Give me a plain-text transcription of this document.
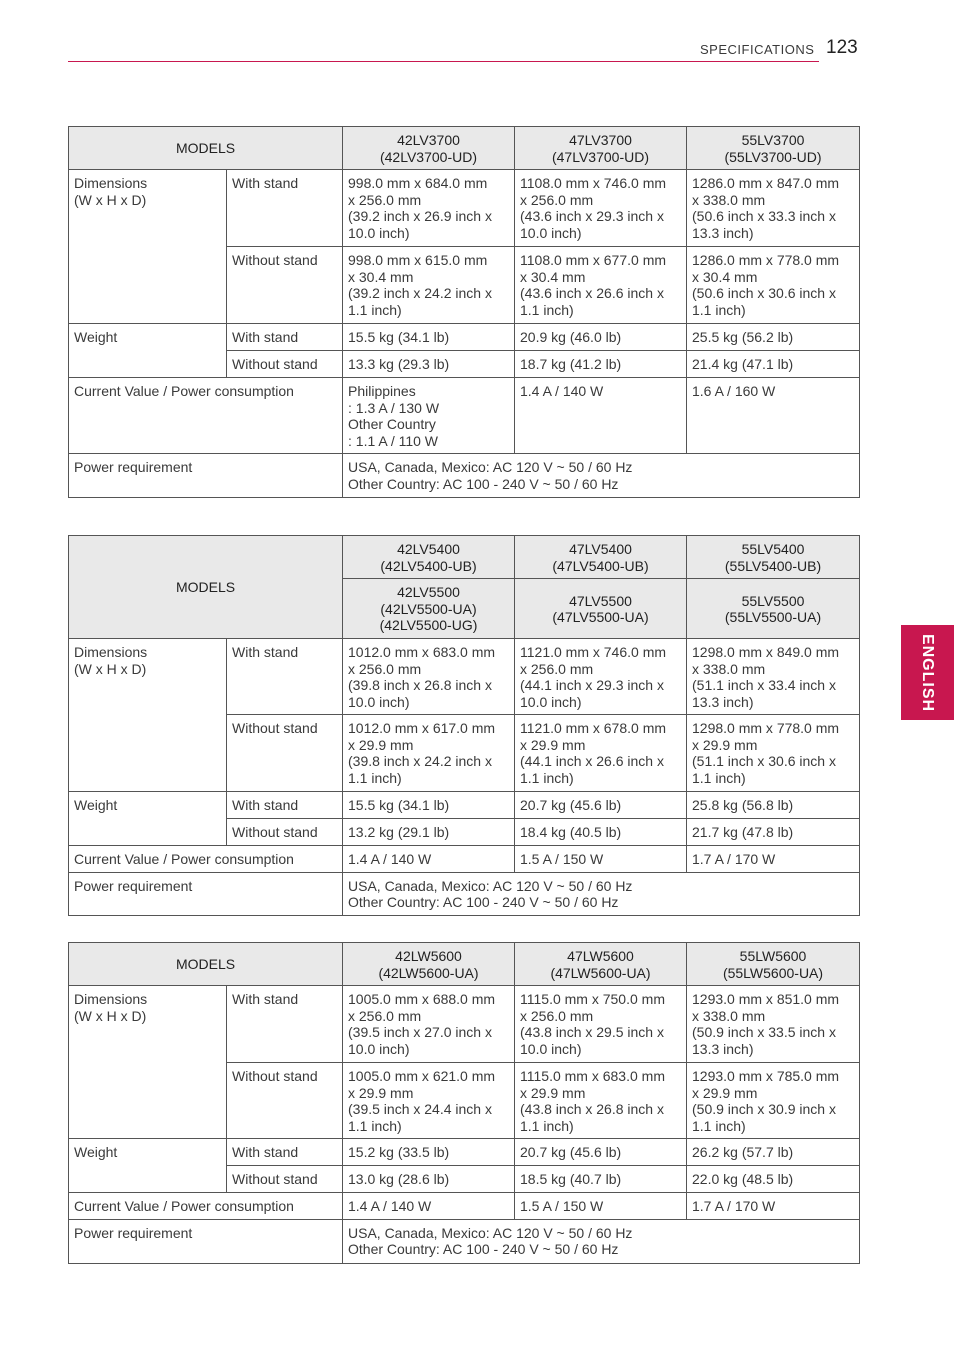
SPECIFICATIONS 123
ENGLISH
MODELS		42LV3700
(42LV3700-UD)	47LV3700
(47LV3700-UD)	55LV3700
(55LV3700-UD)
Dimensions
(W x H x D)	With stand	998.0 mm x 684.0 mm
x 256.0 mm
(39.2 inch x 26.9 inch x
10.0 inch)	1108.0 mm x 746.0 mm
x 256.0 mm
(43.6 inch x 29.3 inch x
10.0 inch)	1286.0 mm x 847.0 mm
x 338.0 mm
(50.6 inch x 33.3 inch x
13.3 inch)
	Without stand	998.0 mm x 615.0 mm
x 30.4 mm
(39.2 inch x 24.2 inch x
1.1 inch)	1108.0 mm x 677.0 mm
x 30.4 mm
(43.6 inch x 26.6 inch x
1.1 inch)	1286.0 mm x 778.0 mm
x 30.4 mm
(50.6 inch x 30.6 inch x
1.1 inch)
Weight	With stand	15.5 kg (34.1 lb)	20.9 kg (46.0 lb)	25.5 kg (56.2 lb)
	Without stand	13.3 kg (29.3 lb)	18.7 kg (41.2 lb)	21.4 kg (47.1 lb)
Current Value / Power consumption		Philippines
: 1.3 A / 130 W
Other Country
: 1.1 A / 110 W	1.4 A / 140 W	1.6 A / 160 W
Power requirement		USA, Canada, Mexico: AC 120 V ~ 50 / 60 Hz
Other Country: AC 100 - 240 V ~ 50 / 60 Hz		
MODELS		42LV5400
(42LV5400-UB)	47LV5400
(47LV5400-UB)	55LV5400
(55LV5400-UB)
		42LV5500
(42LV5500-UA)
(42LV5500-UG)	47LV5500
(47LV5500-UA)	55LV5500
(55LV5500-UA)
Dimensions
(W x H x D)	With stand	1012.0 mm x 683.0 mm
x 256.0 mm
(39.8 inch x 26.8 inch x
10.0 inch)	1121.0 mm x 746.0 mm
x 256.0 mm
(44.1 inch x 29.3 inch x
10.0 inch)	1298.0 mm x 849.0 mm
x 338.0 mm
(51.1 inch x 33.4 inch x
13.3 inch)
	Without stand	1012.0 mm x 617.0 mm
x 29.9 mm
(39.8 inch x 24.2 inch x
1.1 inch)	1121.0 mm x 678.0 mm
x 29.9 mm
(44.1 inch x 26.6 inch x
1.1 inch)	1298.0 mm x 778.0 mm
x 29.9 mm
(51.1 inch x 30.6 inch x
1.1 inch)
Weight	With stand	15.5 kg (34.1 lb)	20.7 kg (45.6 lb)	25.8 kg (56.8 lb)
	Without stand	13.2 kg (29.1 lb)	18.4 kg (40.5 lb)	21.7 kg (47.8 lb)
Current Value / Power consumption		1.4 A / 140 W	1.5 A / 150 W	1.7 A / 170 W
Power requirement		USA, Canada, Mexico: AC 120 V ~ 50 / 60 Hz
Other Country: AC 100 - 240 V ~ 50 / 60 Hz		
MODELS		42LW5600
(42LW5600-UA)	47LW5600
(47LW5600-UA)	55LW5600
(55LW5600-UA)
Dimensions
(W x H x D)	With stand	1005.0 mm x 688.0 mm
x 256.0 mm
(39.5 inch x 27.0 inch x
10.0 inch)	1115.0 mm x 750.0 mm
x 256.0 mm
(43.8 inch x 29.5 inch x
10.0 inch)	1293.0 mm x 851.0 mm
x 338.0 mm
(50.9 inch x 33.5 inch x
13.3 inch)
	Without stand	1005.0 mm x 621.0 mm
x 29.9 mm
(39.5 inch x 24.4 inch x
1.1 inch)	1115.0 mm x 683.0 mm
x 29.9 mm
(43.8 inch x 26.8 inch x
1.1 inch)	1293.0 mm x 785.0 mm
x 29.9 mm
(50.9 inch x 30.9 inch x
1.1 inch)
Weight	With stand	15.2 kg (33.5 lb)	20.7 kg (45.6 lb)	26.2 kg (57.7 lb)
	Without stand	13.0 kg (28.6 lb)	18.5 kg (40.7 lb)	22.0 kg (48.5 lb)
Current Value / Power consumption		1.4 A / 140 W	1.5 A / 150 W	1.7 A / 170 W
Power requirement		USA, Canada, Mexico: AC 120 V ~ 50 / 60 Hz
Other Country: AC 100 - 240 V ~ 50 / 60 Hz		
